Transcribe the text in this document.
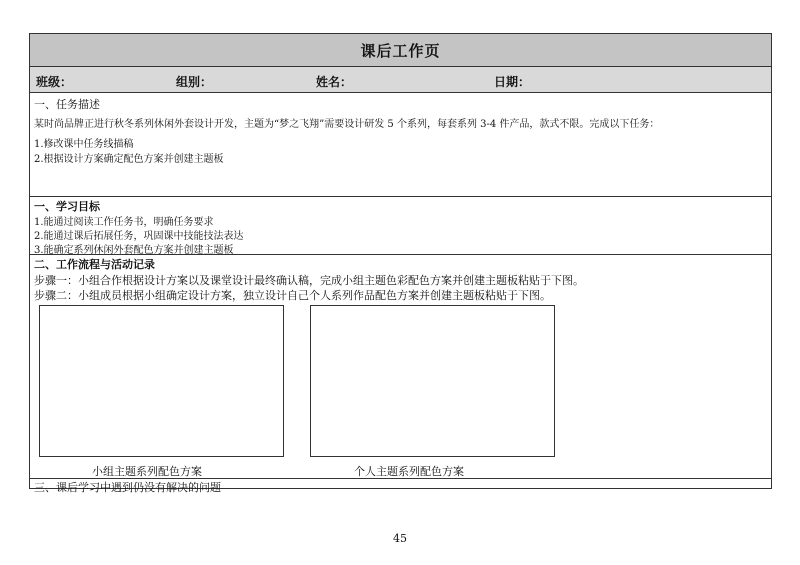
课后工作页
班级：	组别：	姓名：	日期：
一、任务描述
某时尚品牌正进行秋冬系列休闲外套设计开发，主题为“梦之飞翔”需要设计研发 5 个系列，每套系列 3-4 件产品，款式不限。完成以下任务：
1.修改课中任务线描稿
2.根据设计方案确定配色方案并创建主题板
一、学习目标
1.能通过阅读工作任务书，明确任务要求
2.能通过课后拓展任务，巩固课中技能技法表达
3.能确定系列休闲外套配色方案并创建主题板
二、工作流程与活动记录
步骤一：小组合作根据设计方案以及课堂设计最终确认稿，完成小组主题色彩配色方案并创建主题板粘贴于下图。
步骤二：小组成员根据小组确定设计方案，独立设计自己个人系列作品配色方案并创建主题板粘贴于下图。
小组主题系列配色方案	个人主题系列配色方案
三、课后学习中遇到仍没有解决的问题
45
